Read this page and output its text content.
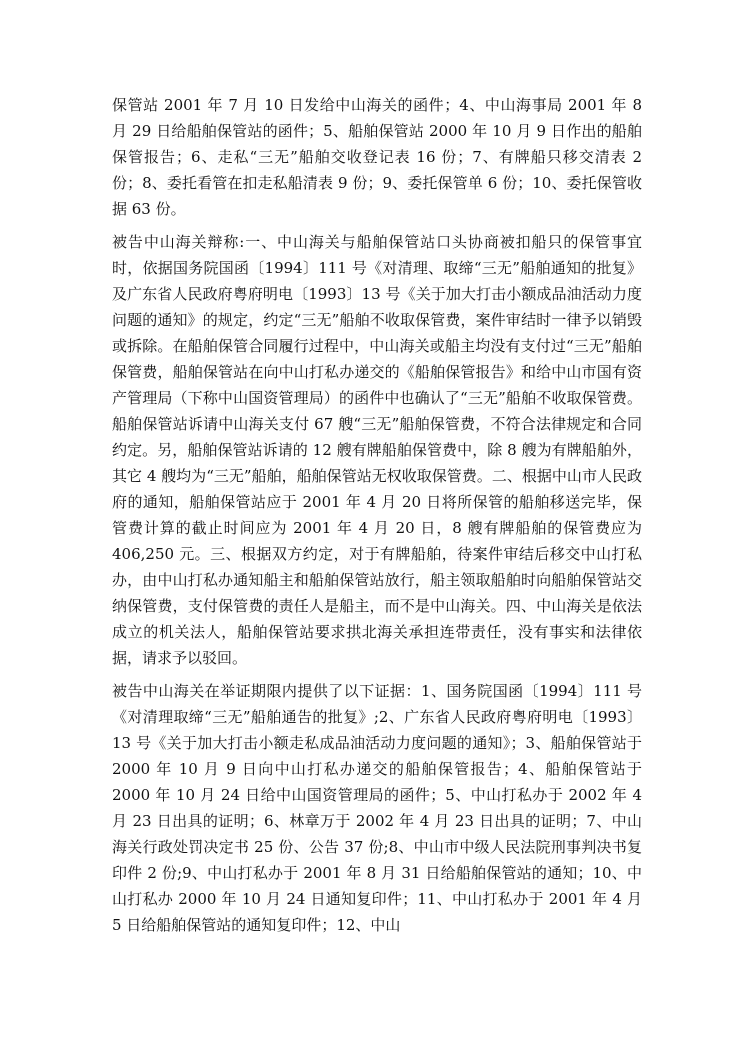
保管站 2001 年 7 月 10 日发给中山海关的函件；4、中山海事局 2001 年 8 月 29 日给船舶保管站的函件；5、船舶保管站 2000 年 10 月 9 日作出的船舶保管报告；6、走私“三无”船舶交收登记表 16 份；7、有牌船只移交清表 2 份；8、委托看管在扣走私船清表 9 份；9、委托保管单 6 份；10、委托保管收据 63 份。

被告中山海关辩称:一、中山海关与船舶保管站口头协商被扣船只的保管事宜时，依据国务院国函〔1994〕111 号《对清理、取缔“三无”船舶通知的批复》及广东省人民政府粤府明电〔1993〕13 号《关于加大打击小额成品油活动力度问题的通知》的规定，约定“三无”船舶不收取保管费，案件审结时一律予以销毁或拆除。在船舶保管合同履行过程中，中山海关或船主均没有支付过“三无”船舶保管费，船舶保管站在向中山打私办递交的《船舶保管报告》和给中山市国有资产管理局（下称中山国资管理局）的函件中也确认了“三无”船舶不收取保管费。船舶保管站诉请中山海关支付 67 艘“三无”船舶保管费，不符合法律规定和合同约定。另，船舶保管站诉请的 12 艘有牌船舶保管费中，除 8 艘为有牌船舶外，其它 4 艘均为“三无”船舶，船舶保管站无权收取保管费。二、根据中山市人民政府的通知，船舶保管站应于 2001 年 4 月 20 日将所保管的船舶移送完毕，保管费计算的截止时间应为 2001 年 4 月 20 日，8 艘有牌船舶的保管费应为 406,250 元。三、根据双方约定，对于有牌船舶，待案件审结后移交中山打私办，由中山打私办通知船主和船舶保管站放行，船主领取船舶时向船舶保管站交纳保管费，支付保管费的责任人是船主，而不是中山海关。四、中山海关是依法成立的机关法人，船舶保管站要求拱北海关承担连带责任，没有事实和法律依据，请求予以驳回。

被告中山海关在举证期限内提供了以下证据：1、国务院国函〔1994〕111 号《对清理取缔“三无”船舶通告的批复》;2、广东省人民政府粤府明电〔1993〕13 号《关于加大打击小额走私成品油活动力度问题的通知》；3、船舶保管站于 2000 年 10 月 9 日向中山打私办递交的船舶保管报告；4、船舶保管站于 2000 年 10 月 24 日给中山国资管理局的函件；5、中山打私办于 2002 年 4 月 23 日出具的证明；6、林章万于 2002 年 4 月 23 日出具的证明；7、中山海关行政处罚决定书 25 份、公告 37 份;8、中山市中级人民法院刑事判决书复印件 2 份;9、中山打私办于 2001 年 8 月 31 日给船舶保管站的通知；10、中山打私办 2000 年 10 月 24 日通知复印件；11、中山打私办于 2001 年 4 月 5 日给船舶保管站的通知复印件；12、中山
